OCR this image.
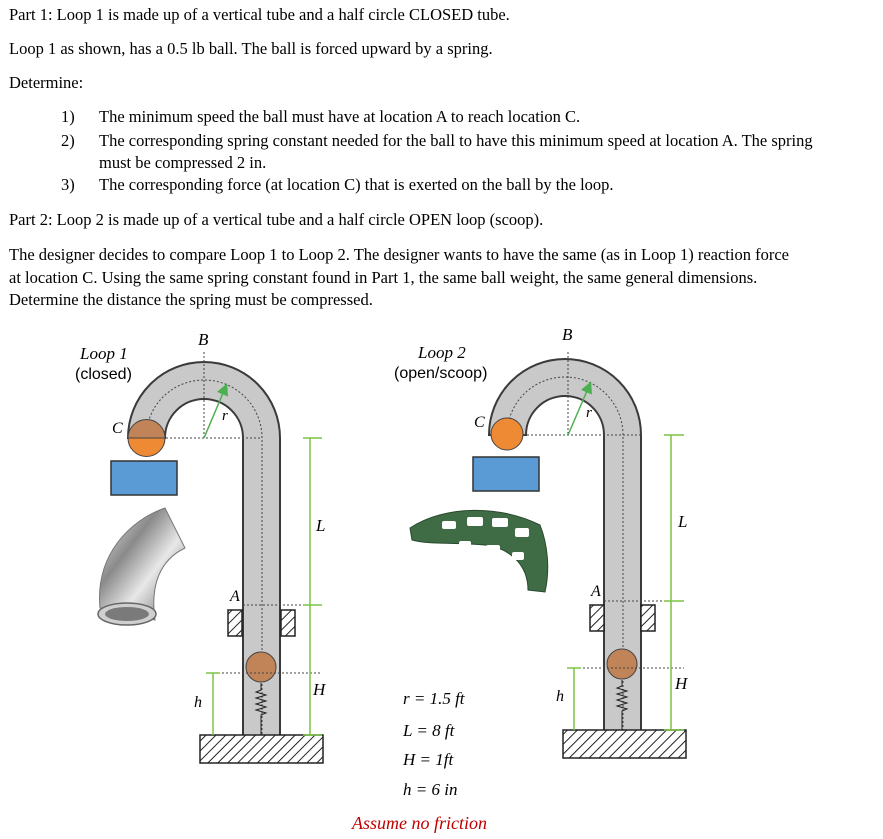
Part 1: Loop 1 is made up of a vertical tube and a half circle CLOSED tube.
Loop 1 as shown, has a 0.5 lb ball. The ball is forced upward by a spring.
Determine:
1) The minimum speed the ball must have at location A to reach location C.
2) The corresponding spring constant needed for the ball to have this minimum speed at location A. The spring
must be compressed 2 in.
3) The corresponding force (at location C) that is exerted on the ball by the loop.
Part 2: Loop 2 is made up of a vertical tube and a half circle OPEN loop (scoop).
The designer decides to compare Loop 1 to Loop 2. The designer wants to have the same (as in Loop 1) reaction force
at location C. Using the same spring constant found in Part 1, the same ball weight, the same general dimensions.
Determine the distance the spring must be compressed.
Loop 1
(closed)
B
C
r
L
A
H
h
Loop 2
(open/scoop)
B
C
r
L
A
H
h
r = 1.5 ft
L = 8 ft
H = 1ft
h = 6 in
Assume no friction
